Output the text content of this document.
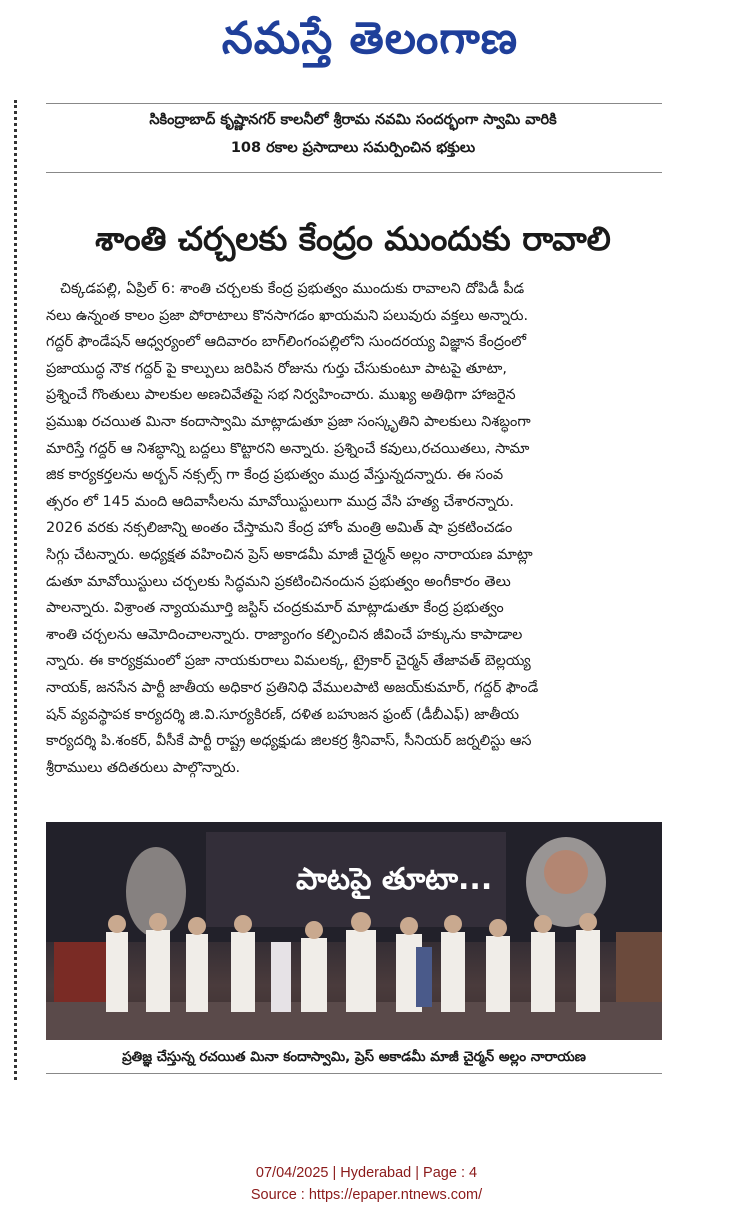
నమస్తే తెలంగాణ
సికింద్రాబాద్ కృష్ణానగర్ కాలనీలో శ్రీరామ నవమి సందర్భంగా స్వామి వారికి
108 రకాల ప్రసాదాలు సమర్పించిన భక్తులు
శాంతి చర్చలకు కేంద్రం ముందుకు రావాలి
చిక్కడపల్లి, ఏప్రిల్ 6: శాంతి చర్చలకు కేంద్ర ప్రభుత్వం ముందుకు రావాలని దోపిడీ పీడ
నలు ఉన్నంత కాలం ప్రజా పోరాటాలు కొనసాగడం ఖాయమని పలువురు వక్తలు అన్నారు.
గద్దర్ ఫౌండేషన్ ఆధ్వర్యంలో ఆదివారం బాగ్‌లింగంపల్లిలోని సుందరయ్య విజ్ఞాన కేంద్రంలో
ప్రజాయుద్ధ నౌక గద్దర్ పై కాల్పులు జరిపిన రోజును గుర్తు చేసుకుంటూ పాటపై తూటా,
ప్రశ్నించే గొంతులు పాలకుల అణచివేతపై సభ నిర్వహించారు. ముఖ్య అతిథిగా హాజరైన
ప్రముఖ రచయిత మినా కందాస్వామి మాట్లాడుతూ ప్రజా సంస్కృతిని పాలకులు నిశబ్ధంగా
మారిస్తే గద్దర్ ఆ నిశబ్ధాన్ని బద్దలు కొట్టారని అన్నారు. ప్రశ్నించే కవులు,రచయితలు, సామా
జిక కార్యకర్తలను అర్బన్ నక్సల్స్ గా కేంద్ర ప్రభుత్వం ముద్ర వేస్తున్నదన్నారు. ఈ సంవ
త్సరం లో 145 మంది ఆదివాసీలను మావోయిస్టులుగా ముద్ర వేసి హత్య చేశారన్నారు.
2026 వరకు నక్సలిజాన్ని అంతం చేస్తామని కేంద్ర హోం మంత్రి అమిత్ షా ప్రకటించడం
సిగ్గు చేటన్నారు. అధ్యక్షత వహించిన ప్రెస్ అకాడమీ మాజీ చైర్మన్ అల్లం నారాయణ మాట్లా
డుతూ మావోయిస్టులు చర్చలకు సిద్ధమని ప్రకటించినందున ప్రభుత్వం అంగీకారం తెలు
పాలన్నారు. విశ్రాంత న్యాయమూర్తి జస్టిస్ చంద్రకుమార్ మాట్లాడుతూ కేంద్ర ప్రభుత్వం
శాంతి చర్చలను ఆమోదించాలన్నారు. రాజ్యాంగం కల్పించిన జీవించే హక్కును కాపాడాల
న్నారు. ఈ కార్యక్రమంలో ప్రజా నాయకురాలు విమలక్క, ట్రైకార్ చైర్మన్ తేజావత్ బెల్లయ్య
నాయక్, జనసేన పార్టీ జాతీయ అధికార ప్రతినిధి వేములపాటి అజయ్‌కుమార్, గద్దర్ ఫౌండే
షన్ వ్యవస్థాపక కార్యదర్శి జి.వి.సూర్యకిరణ్, దళిత బహుజన ఫ్రంట్ (డీబీఎఫ్) జాతీయ
కార్యదర్శి పి.శంకర్, వీసీకే పార్టీ రాష్ట్ర అధ్యక్షుడు జిలకర్ర శ్రీనివాస్, సీనియర్ జర్నలిస్టు ఆస
శ్రీరాములు తదితరులు పాల్గొన్నారు.
పాటపై తూటా...
ప్రతిజ్ఞ చేస్తున్న రచయిత మినా కందాస్వామి, ప్రెస్ అకాడమీ మాజీ చైర్మన్ అల్లం నారాయణ
07/04/2025 | Hyderabad | Page : 4
Source : https://epaper.ntnews.com/
